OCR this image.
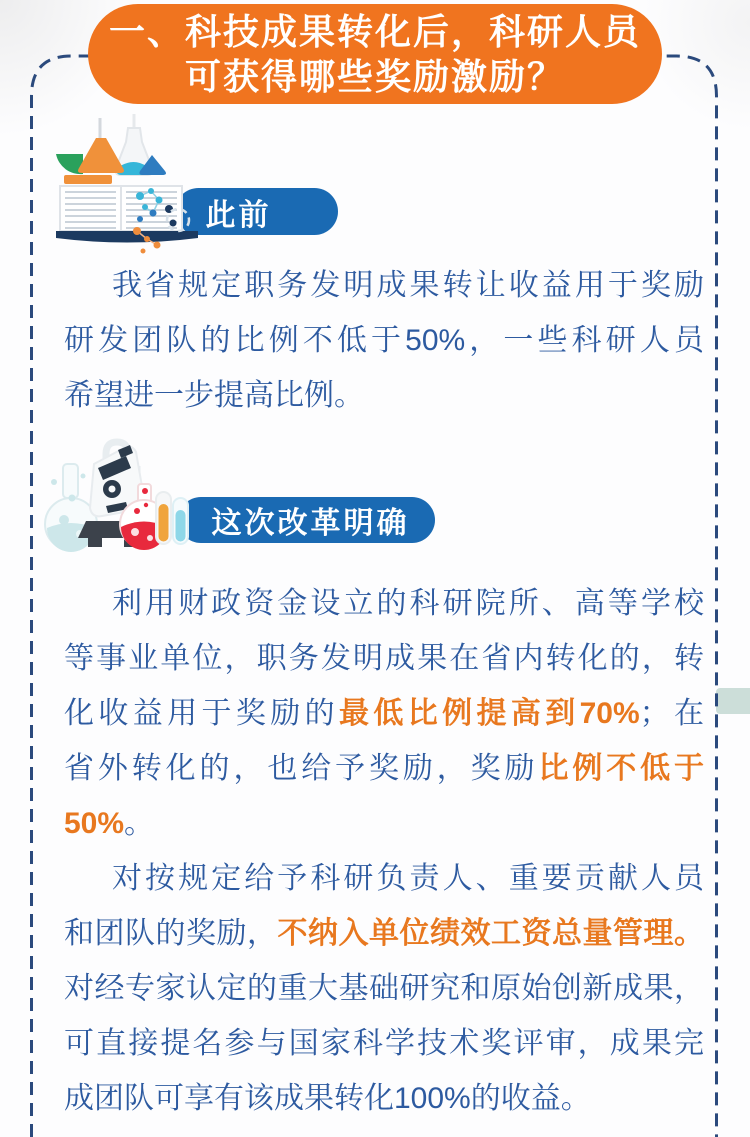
一、科技成果转化后，科研人员
可获得哪些奖励激励？
此前
我省规定职务发明成果转让收益用于奖励
研发团队的比例不低于50%，一些科研人员
希望进一步提高比例。
这次改革明确
利用财政资金设立的科研院所、高等学校
等事业单位，职务发明成果在省内转化的，转
化收益用于奖励的最低比例提高到70%；在
省外转化的，也给予奖励，奖励比例不低于
50%。
对按规定给予科研负责人、重要贡献人员
和团队的奖励，不纳入单位绩效工资总量管理。
对经专家认定的重大基础研究和原始创新成果，
可直接提名参与国家科学技术奖评审，成果完
成团队可享有该成果转化100%的收益。
